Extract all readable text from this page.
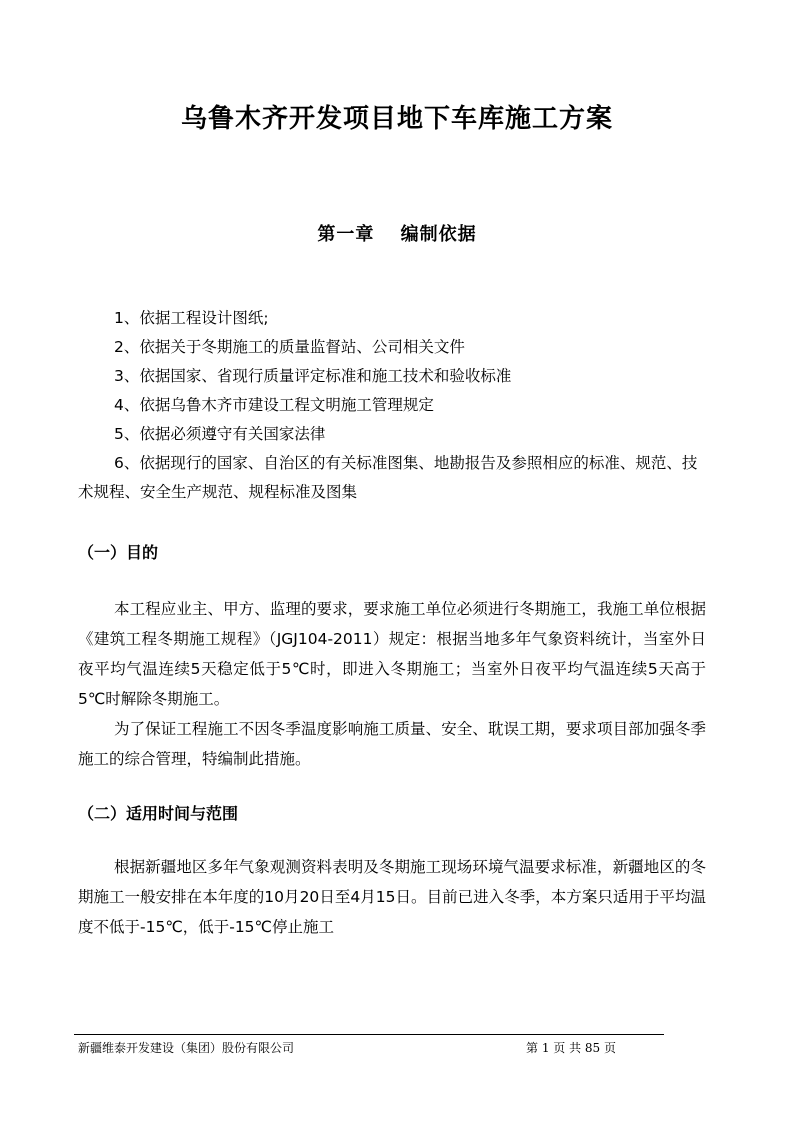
乌鲁木齐开发项目地下车库施工方案
第一章　 编制依据
1、依据工程设计图纸;
2、依据关于冬期施工的质量监督站、公司相关文件
3、依据国家、省现行质量评定标准和施工技术和验收标准
4、依据乌鲁木齐市建设工程文明施工管理规定
5、依据必须遵守有关国家法律
6、依据现行的国家、自治区的有关标准图集、地勘报告及参照相应的标准、规范、技术规程、安全生产规范、规程标准及图集
（一）目的

本工程应业主、甲方、监理的要求，要求施工单位必须进行冬期施工，我施工单位根据《建筑工程冬期施工规程》（JGJ104-2011）规定：根据当地多年气象资料统计，当室外日夜平均气温连续5天稳定低于5℃时，即进入冬期施工；当室外日夜平均气温连续5天高于5℃时解除冬期施工。

为了保证工程施工不因冬季温度影响施工质量、安全、耽误工期，要求项目部加强冬季施工的综合管理，特编制此措施。

（二）适用时间与范围

根据新疆地区多年气象观测资料表明及冬期施工现场环境气温要求标准，新疆地区的冬期施工一般安排在本年度的10月20日至4月15日。目前已进入冬季，本方案只适用于平均温度不低于-15℃，低于-15℃停止施工

新疆维泰开发建设（集团）股份有限公司	第 1 页 共 85 页
